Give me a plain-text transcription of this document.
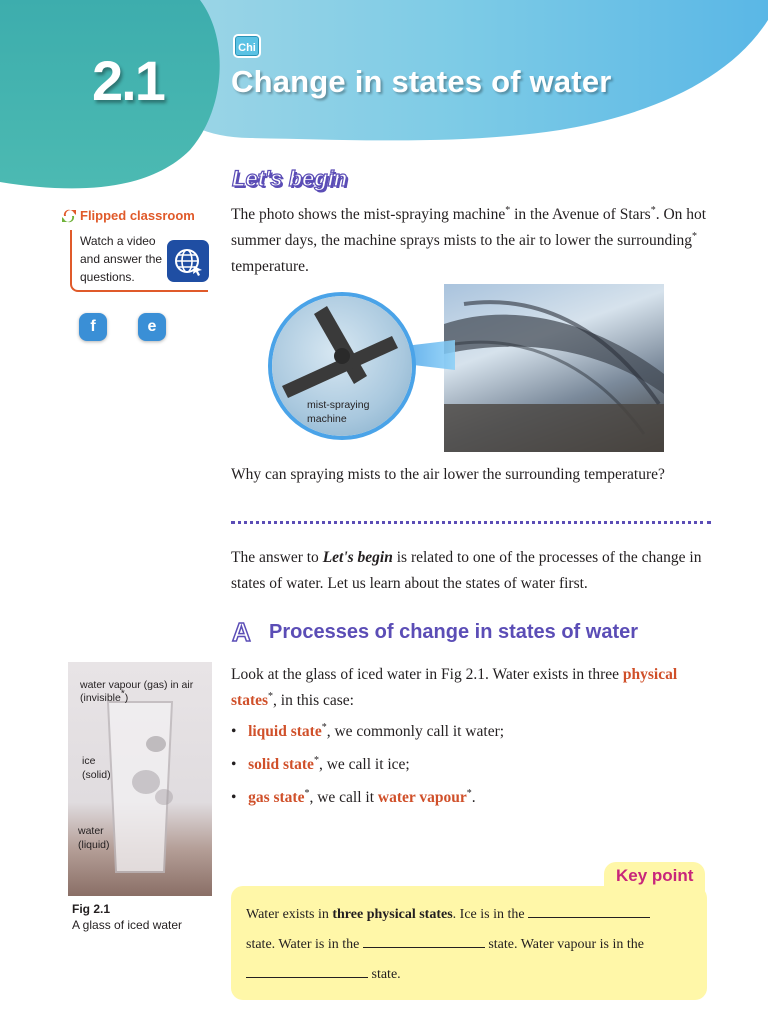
2.1
Chi
Change in states of water
Let's begin
The photo shows the mist-spraying machine* in the Avenue of Stars*. On hot summer days, the machine sprays mists to the air to lower the surrounding* temperature.
Flipped classroom
Watch a video and answer the questions.
f	e
mist-spraying machine
Why can spraying mists to the air lower the surrounding temperature?
The answer to Let's begin is related to one of the processes of the change in states of water. Let us learn about the states of water first.
A Processes of change in states of water
Look at the glass of iced water in Fig 2.1. Water exists in three physical states*, in this case:
• liquid state*, we commonly call it water;
• solid state*, we call it ice;
• gas state*, we call it water vapour*.
water vapour (gas) in air
(invisible*)
ice
(solid)
water
(liquid)
Fig 2.1
A glass of iced water
Key point
Water exists in three physical states. Ice is in the
state. Water is in the	state. Water vapour is in the
state.
